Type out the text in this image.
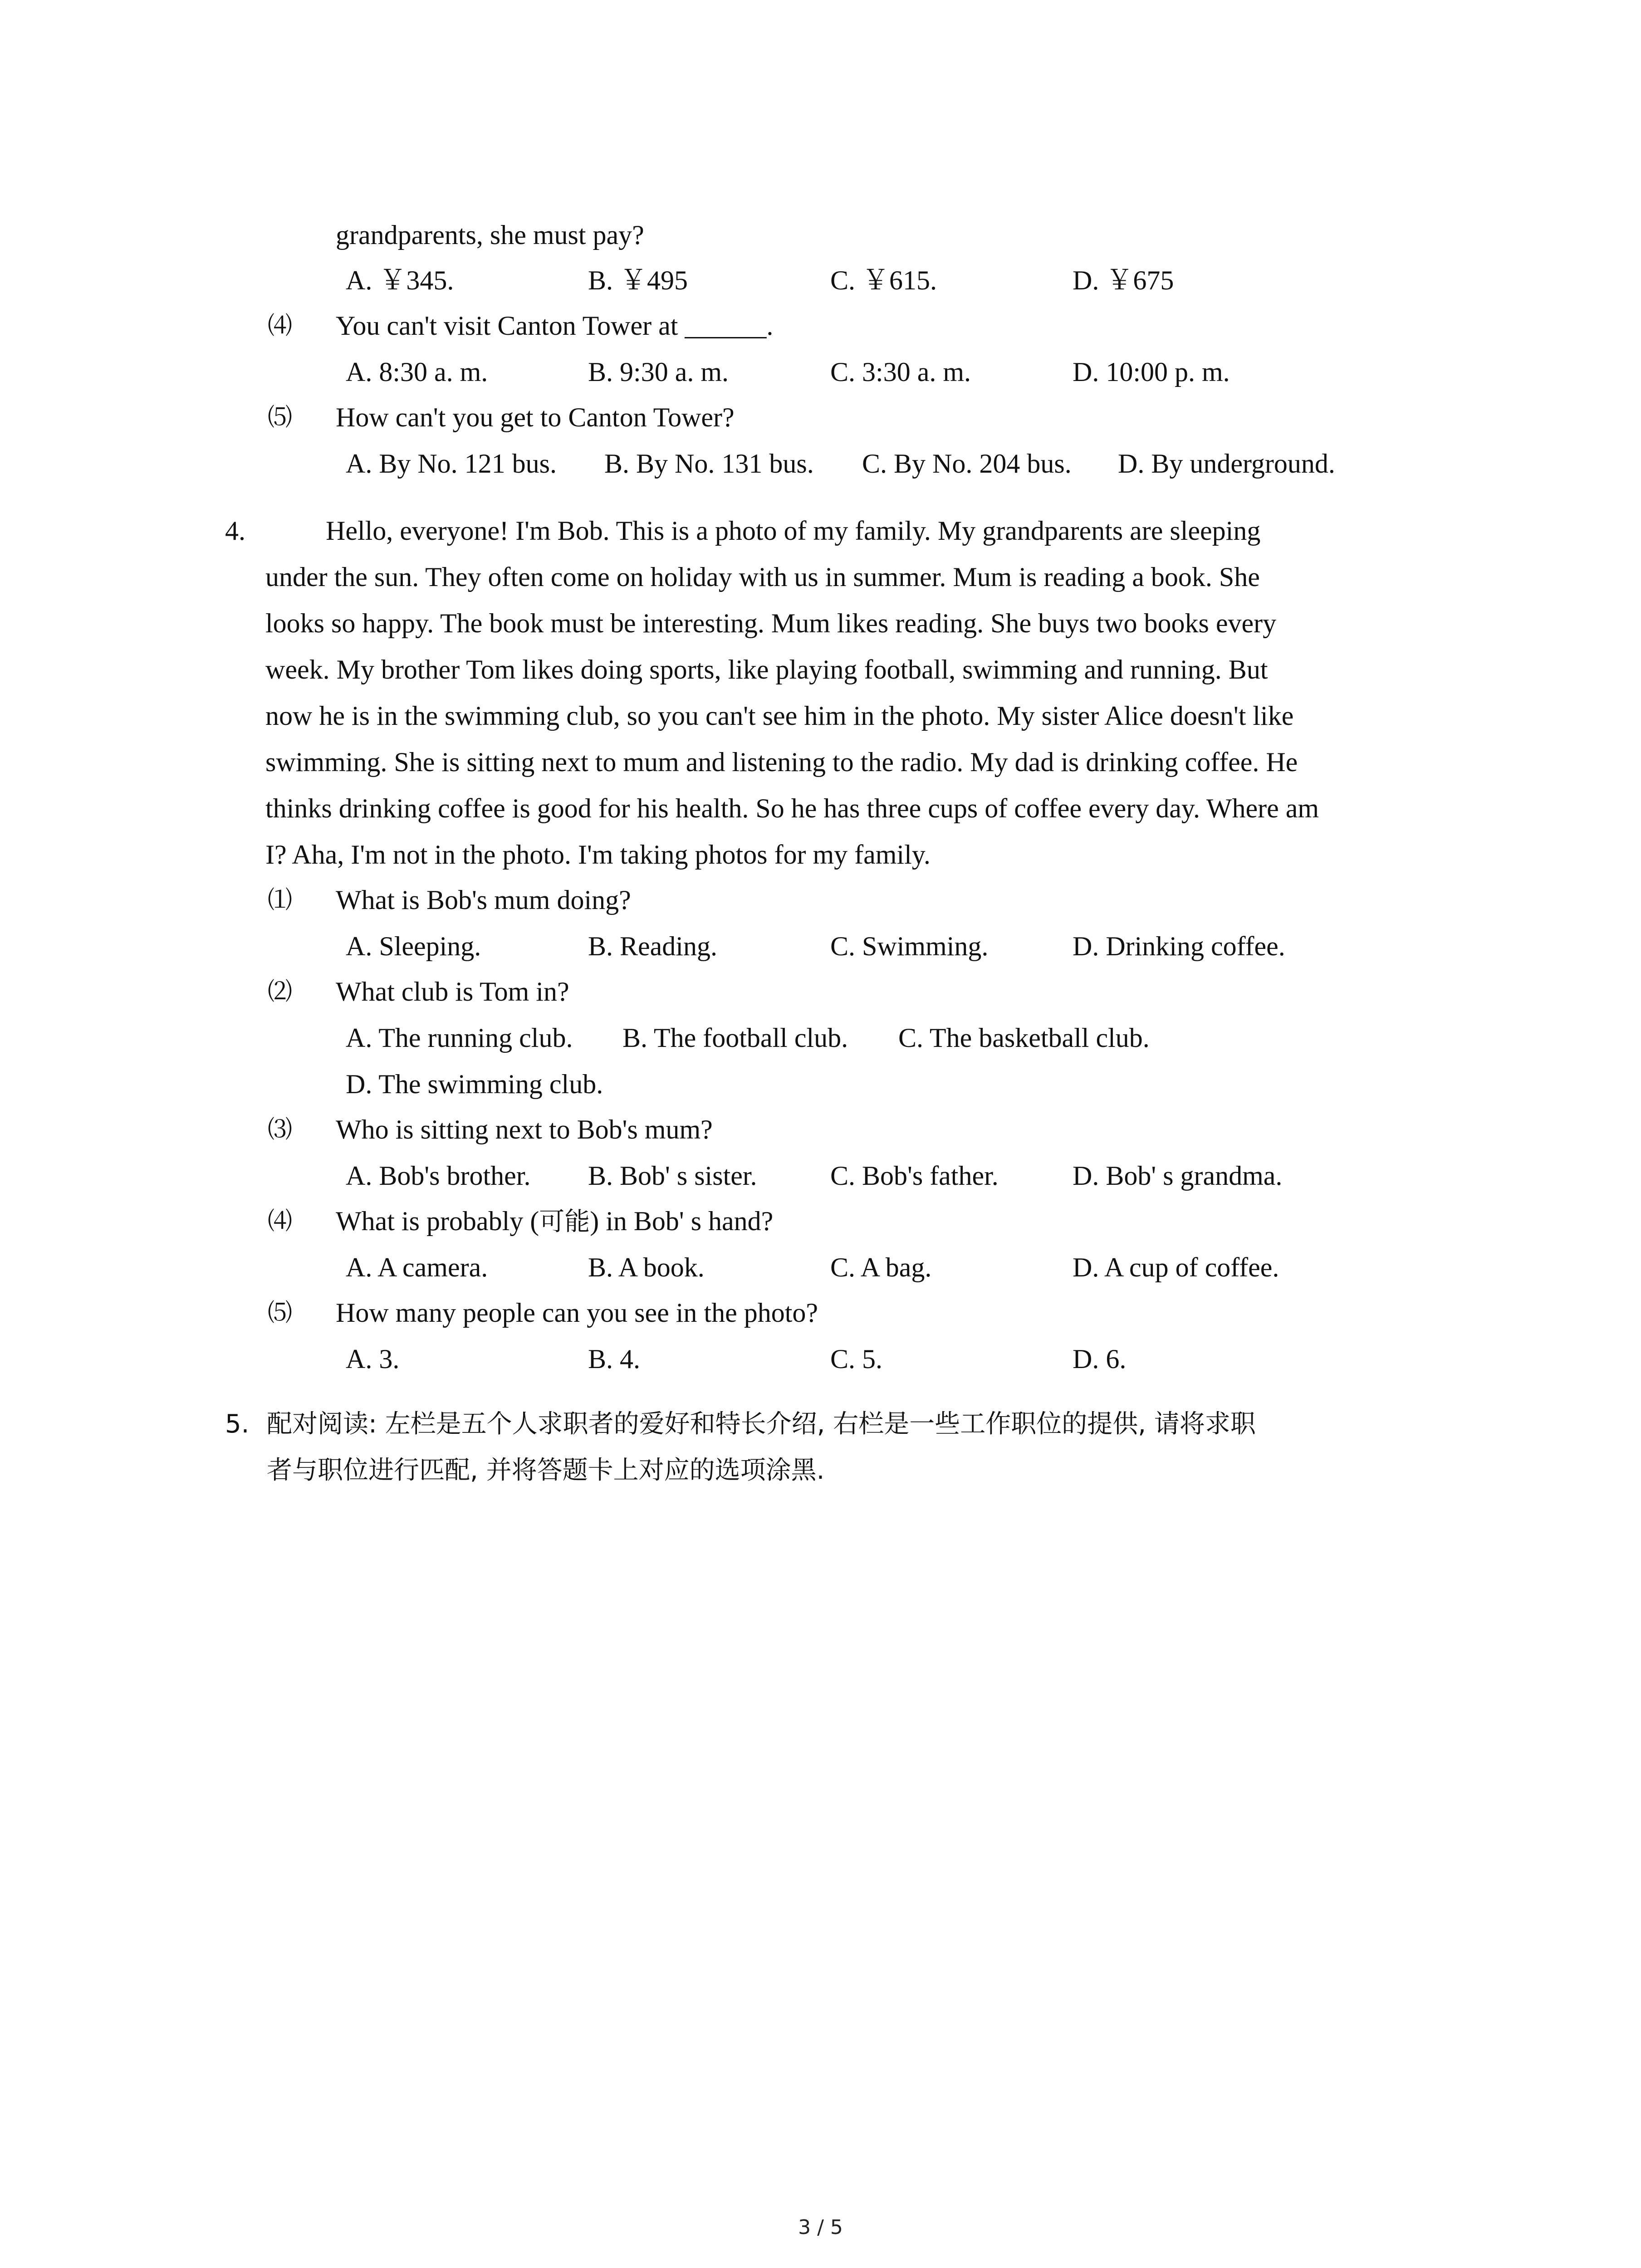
grandparents, she must pay?
A. ￥345.	B. ￥495	C. ￥615.	D. ￥675
⑷ You can't visit Canton Tower at ______.
A. 8:30 a. m.	B. 9:30 a. m.	C. 3:30 a. m.	D. 10:00 p. m.
⑸ How can't you get to Canton Tower?
A. By No. 121 bus. B. By No. 131 bus. C. By No. 204 bus. D. By underground.
4.	Hello, everyone! I'm Bob. This is a photo of my family. My grandparents are sleeping
under the sun. They often come on holiday with us in summer. Mum is reading a book. She
looks so happy. The book must be interesting. Mum likes reading. She buys two books every
week. My brother Tom likes doing sports, like playing football, swimming and running. But
now he is in the swimming club, so you can't see him in the photo. My sister Alice doesn't like
swimming. She is sitting next to mum and listening to the radio. My dad is drinking coffee. He
thinks drinking coffee is good for his health. So he has three cups of coffee every day. Where am
I? Aha, I'm not in the photo. I'm taking photos for my family.
⑴ What is Bob's mum doing?
A. Sleeping.	B. Reading.	C. Swimming.	D. Drinking coffee.
⑵ What club is Tom in?
A. The running club. B. The football club. C. The basketball club.
D. The swimming club.
⑶ Who is sitting next to Bob's mum?
A. Bob's brother. B. Bob' s sister.	C. Bob's father.	D. Bob' s grandma.
⑷ What is probably (可能) in Bob' s hand?
A. A camera.	B. A book.	C. A bag.	D. A cup of coffee.
⑸ How many people can you see in the photo?
A. 3.	B. 4.	C. 5.	D. 6.
5. 配对阅读: 左栏是五个人求职者的爱好和特长介绍, 右栏是一些工作职位的提供, 请将求职
者与职位进行匹配, 并将答题卡上对应的选项涂黑.
3 / 5
